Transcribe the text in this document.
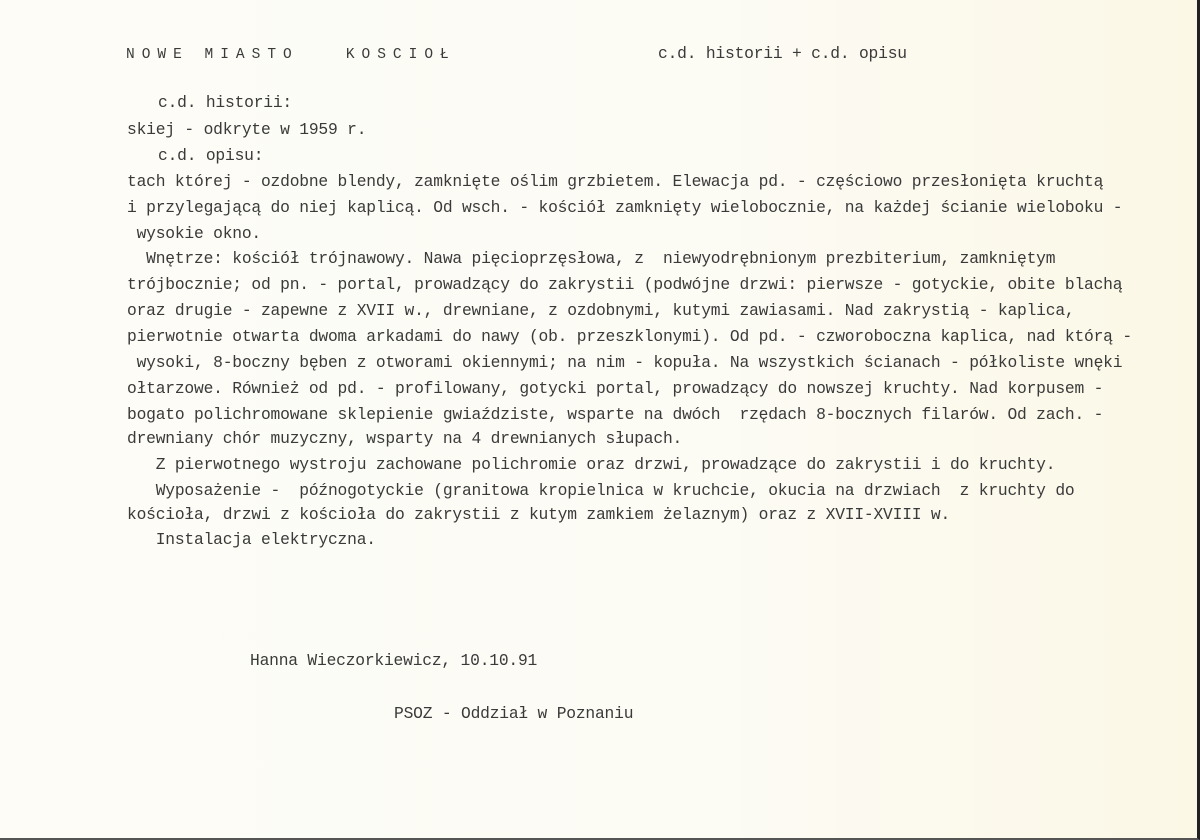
NOWE MIASTO   KOSCIOŁ	c.d. historii + c.d. opisu
c.d. historii:
skiej - odkryte w 1959 r.
c.d. opisu:
tach której - ozdobne blendy, zamknięte oślim grzbietem. Elewacja pd. - częściowo przesłonięta kruchtą
i przylegającą do niej kaplicą. Od wsch. - kościół zamknięty wielobocznie, na każdej ścianie wieloboku -
wysokie okno.
Wnętrze: kościół trójnawowy. Nawa pięcioprzęsłowa, z  niewyodrębnionym prezbiterium, zamkniętym
trójbocznie; od pn. - portal, prowadzący do zakrystii (podwójne drzwi: pierwsze - gotyckie, obite blachą
oraz drugie - zapewne z XVII w., drewniane, z ozdobnymi, kutymi zawiasami. Nad zakrystią - kaplica,
pierwotnie otwarta dwoma arkadami do nawy (ob. przeszklonymi). Od pd. - czworoboczna kaplica, nad którą -
wysoki, 8-boczny bęben z otworami okiennymi; na nim - kopuła. Na wszystkich ścianach - półkoliste wnęki
ołtarzowe. Również od pd. - profilowany, gotycki portal, prowadzący do nowszej kruchty. Nad korpusem -
bogato polichromowane sklepienie gwiaździste, wsparte na dwóch  rzędach 8-bocznych filarów. Od zach. -
drewniany chór muzyczny, wsparty na 4 drewnianych słupach.
Z pierwotnego wystroju zachowane polichromie oraz drzwi, prowadzące do zakrystii i do kruchty.
Wyposażenie -  późnogotyckie (granitowa kropielnica w kruchcie, okucia na drzwiach  z kruchty do
kościoła, drzwi z kościoła do zakrystii z kutym zamkiem żelaznym) oraz z XVII-XVIII w.
Instalacja elektryczna.
Hanna Wieczorkiewicz, 10.10.91
PSOZ - Oddział w Poznaniu
